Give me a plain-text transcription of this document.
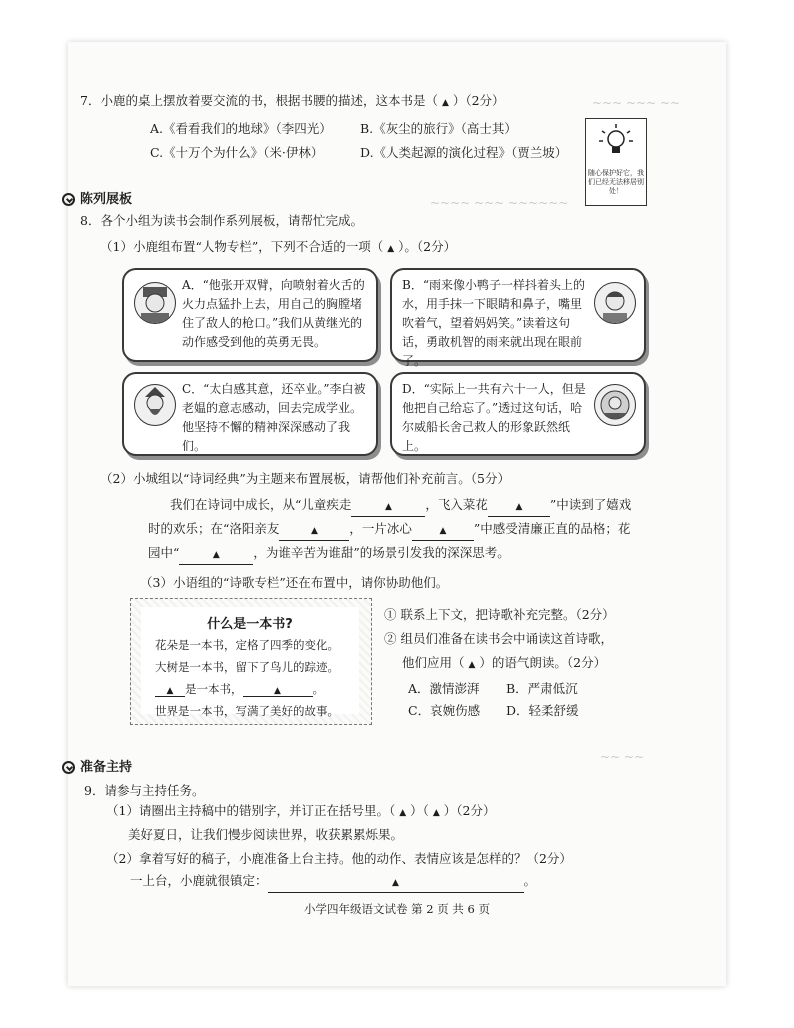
~~~ ~~~ ~~
~~~~ ~~~ ~~~~~~
~~ ~~
7．小鹿的桌上摆放着要交流的书，根据书腰的描述，这本书是（ ▲ ）（2分）
A.《看看我们的地球》（李四光） B.《灰尘的旅行》（高士其）
C.《十万个为什么》（米·伊林）	D.《人类起源的演化过程》（贾兰坡）
随心保护好它，我们已经无法移居别处！
陈列展板
8．各个小组为读书会制作系列展板，请帮忙完成。
（1）小鹿组布置“人物专栏”，下列不合适的一项（ ▲ ）。（2分）
A．“他张开双臂，向喷射着火舌的火力点猛扑上去，用自己的胸膛堵住了敌人的枪口。”我们从黄继光的动作感受到他的英勇无畏。
B．“雨来像小鸭子一样抖着头上的水，用手抹一下眼睛和鼻子，嘴里吹着气，望着妈妈笑。”读着这句话，勇敢机智的雨来就出现在眼前了。
C．“太白感其意，还卒业。”李白被老媪的意志感动，回去完成学业。他坚持不懈的精神深深感动了我们。
D．“实际上一共有六十一人，但是他把自己给忘了。”透过这句话，哈尔威船长舍己救人的形象跃然纸上。
（2）小城组以“诗词经典”为主题来布置展板，请帮他们补充前言。（5分）
我们在诗词中成长，从“儿童疾走	▲	，飞入菜花	▲ ”中读到了嬉戏
时的欢乐；在“洛阳亲友	▲	，一片冰心	▲ ”中感受清廉正直的品格；花
园中“	▲	，为谁辛苦为谁甜”的场景引发我的深深思考。
（3）小语组的“诗歌专栏”还在布置中，请你协助他们。
什么是一本书?
花朵是一本书，定格了四季的变化。
大树是一本书，留下了鸟儿的踪迹。
▲ 是一本书，	▲	。
世界是一本书，写满了美好的故事。
① 联系上下文，把诗歌补充完整。（2分）
② 组员们准备在读书会中诵读这首诗歌，
他们应用（ ▲ ）的语气朗读。（2分）
A．激情澎湃 B．严肃低沉
C．哀婉伤感 D．轻柔舒缓
准备主持
9．请参与主持任务。
（1）请圈出主持稿中的错别字，并订正在括号里。（ ▲ ）（ ▲ ）（2分）
美好夏日，让我们慢步阅读世界，收获累累烁果。
（2）拿着写好的稿子，小鹿准备上台主持。他的动作、表情应该是怎样的？（2分）
一上台，小鹿就很镇定：	▲	。
小学四年级语文试卷 第 2 页 共 6 页
